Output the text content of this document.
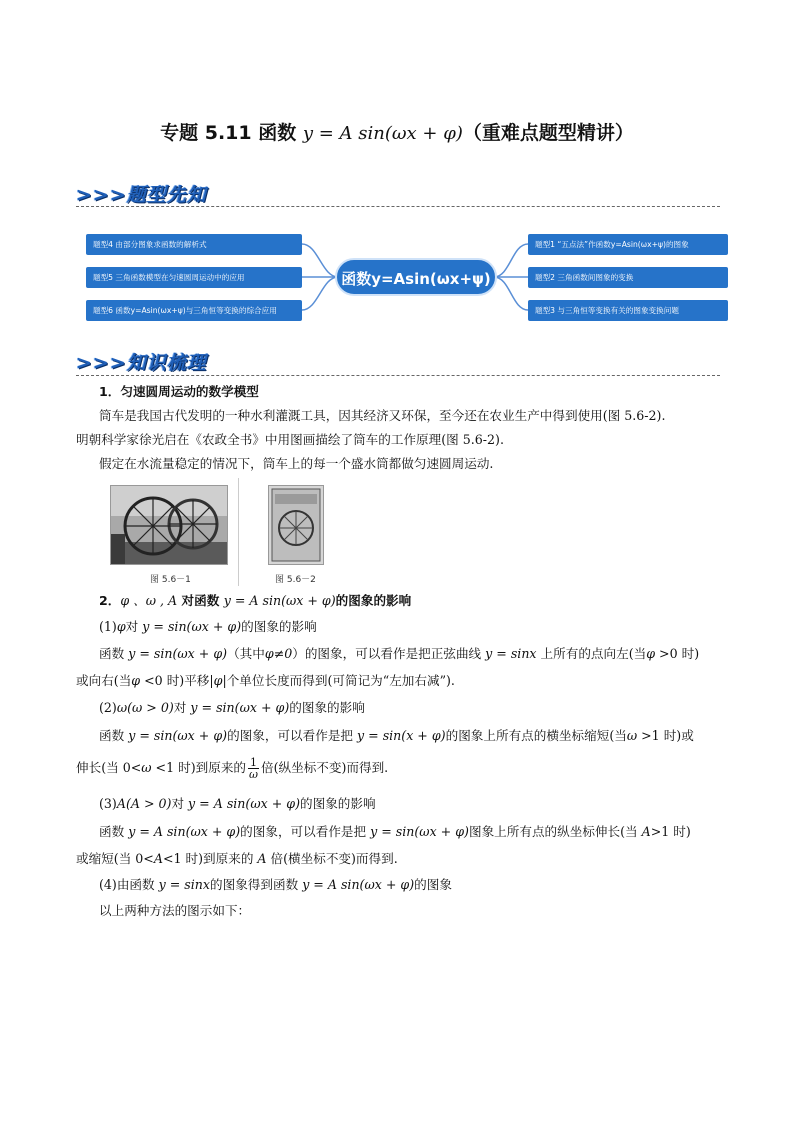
专题 5.11 函数 y = A sin(ωx + φ)（重难点题型精讲）
>>>题型先知
题型4 由部分图象求函数的解析式
题型5 三角函数模型在匀速圆周运动中的应用
题型6 函数y=Asin(ωx+ψ)与三角恒等变换的综合应用
函数y=Asin(ωx+ψ)
题型1 “五点法”作函数y=Asin(ωx+ψ)的图象
题型2 三角函数间图象的变换
题型3 与三角恒等变换有关的图象变换问题
>>>知识梳理
1．匀速圆周运动的数学模型
筒车是我国古代发明的一种水利灌溉工具，因其经济又环保，至今还在农业生产中得到使用(图 5.6-2).
明朝科学家徐光启在《农政全书》中用图画描绘了筒车的工作原理(图 5.6-2).
假定在水流量稳定的情况下，筒车上的每一个盛水筒都做匀速圆周运动.
图 5.6－1	图 5.6－2
2．φ 、ω , A 对函数 y = A sin(ωx + φ)的图象的影响
(1)φ对 y = sin(ωx + φ)的图象的影响
函数 y = sin(ωx + φ)（其中φ≠0）的图象，可以看作是把正弦曲线 y = sinx 上所有的点向左(当φ >0 时)
或向右(当φ <0 时)平移|φ|个单位长度而得到(可简记为“左加右减”).
(2)ω(ω > 0)对 y = sin(ωx + φ)的图象的影响
函数 y = sin(ωx + φ)的图象，可以看作是把 y = sin(x + φ)的图象上所有点的横坐标缩短(当ω >1 时)或
伸长(当 0<ω <1 时)到原来的 $\frac{1}{\omega}$ 倍(纵坐标不变)而得到.
(3)A(A > 0)对 y = A sin(ωx + φ)的图象的影响
函数 y = A sin(ωx + φ)的图象，可以看作是把 y = sin(ωx + φ)图象上所有点的纵坐标伸长(当 A>1 时)
或缩短(当 0<A<1 时)到原来的 A 倍(横坐标不变)而得到.
(4)由函数 y = sinx的图象得到函数 y = A sin(ωx + φ)的图象
以上两种方法的图示如下：
